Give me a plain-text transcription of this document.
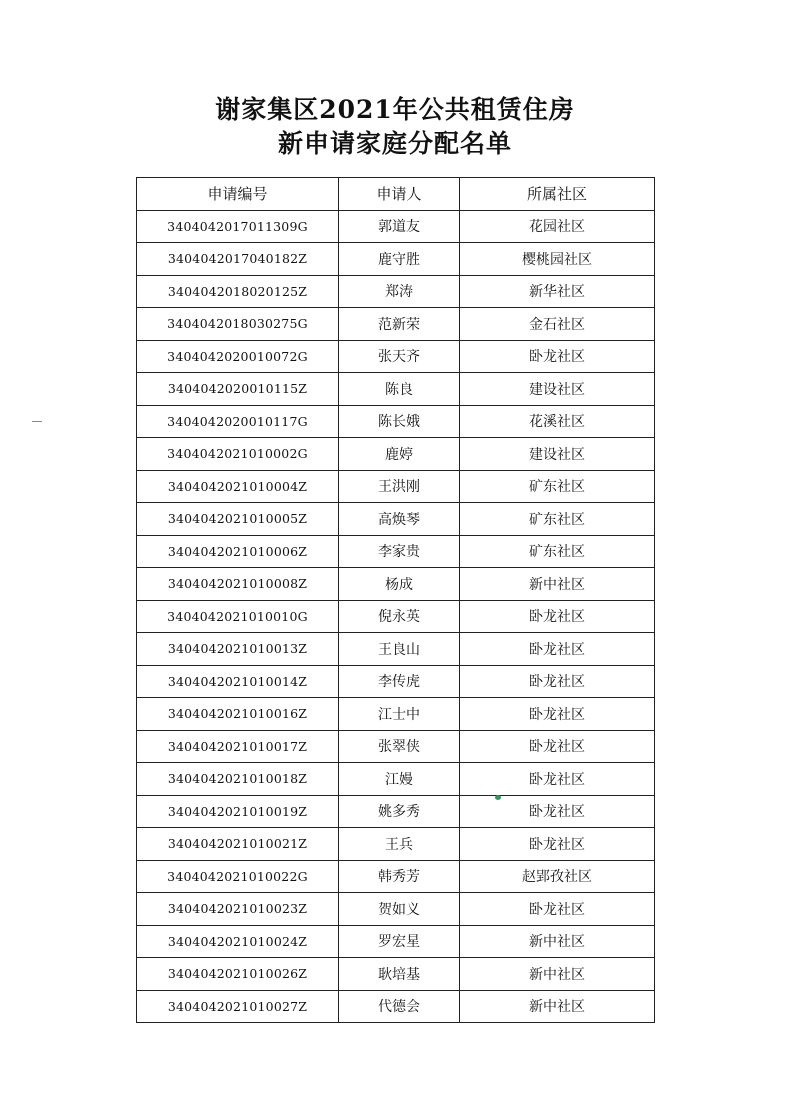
谢家集区2021年公共租赁住房
新申请家庭分配名单
申请编号	申请人	所属社区
3404042017011309G	郭道友	花园社区
3404042017040182Z	鹿守胜	樱桃园社区
3404042018020125Z	郑涛	新华社区
3404042018030275G	范新荣	金石社区
3404042020010072G	张天齐	卧龙社区
3404042020010115Z	陈良	建设社区
3404042020010117G	陈长娥	花溪社区
3404042021010002G	鹿婷	建设社区
3404042021010004Z	王洪刚	矿东社区
3404042021010005Z	高焕琴	矿东社区
3404042021010006Z	李家贵	矿东社区
3404042021010008Z	杨成	新中社区
3404042021010010G	倪永英	卧龙社区
3404042021010013Z	王良山	卧龙社区
3404042021010014Z	李传虎	卧龙社区
3404042021010016Z	江士中	卧龙社区
3404042021010017Z	张翠侠	卧龙社区
3404042021010018Z	江嫚	卧龙社区
3404042021010019Z	姚多秀	卧龙社区
3404042021010021Z	王兵	卧龙社区
3404042021010022G	韩秀芳	赵郢孜社区
3404042021010023Z	贺如义	卧龙社区
3404042021010024Z	罗宏星	新中社区
3404042021010026Z	耿培基	新中社区
3404042021010027Z	代德会	新中社区
